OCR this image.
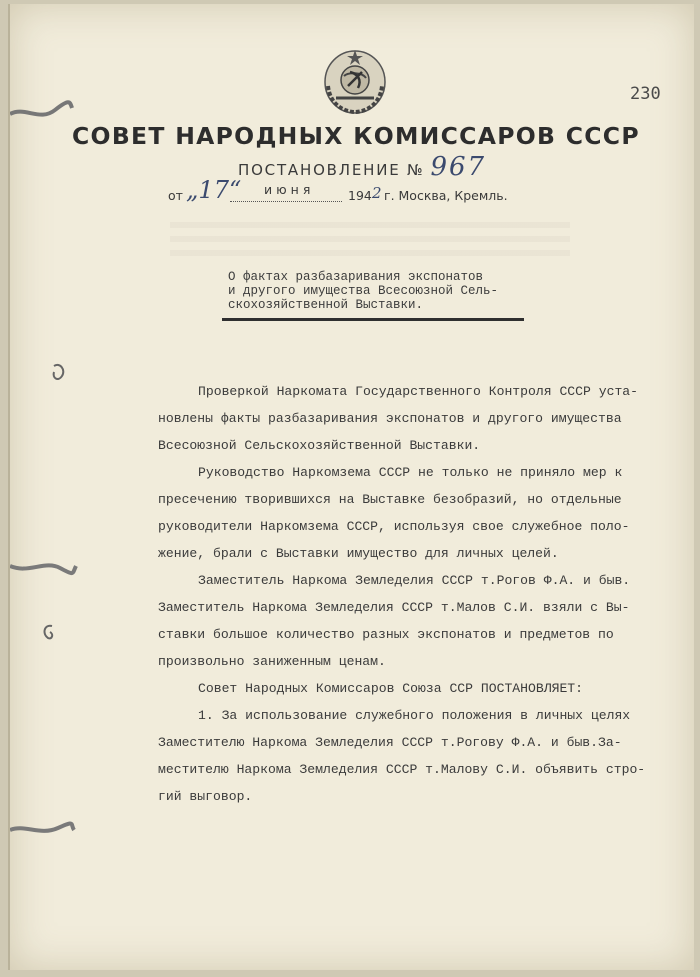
230
СОВЕТ НАРОДНЫХ КОМИССАРОВ СССР
ПОСТАНОВЛЕНИЕ № 967
от „17“ июня	194 2 г. Москва, Кремль.
О фактах разбазаривания экспонатов
и другого имущества Всесоюзной Сель-
скохозяйственной Выставки.
Проверкой Наркомата Государственного Контроля СССР уста-
новлены факты разбазаривания экспонатов и другого имущества
Всесоюзной Сельскохозяйственной Выставки.
Руководство Наркомзема СССР не только не приняло мер к
пресечению творившихся на Выставке безобразий, но отдельные
руководители Наркомзема СССР, используя свое служебное поло-
жение, брали с Выставки имущество для личных целей.
Заместитель Наркома Земледелия СССР т.Рогов Ф.А. и быв.
Заместитель Наркома Земледелия СССР т.Малов С.И. взяли с Вы-
ставки большое количество разных экспонатов и предметов по
произвольно заниженным ценам.
Совет Народных Комиссаров Союза ССР ПОСТАНОВЛЯЕТ:
1. За использование служебного положения в личных целях
Заместителю Наркома Земледелия СССР т.Рогову Ф.А. и быв.За-
местителю Наркома Земледелия СССР т.Малову С.И. объявить стро-
гий выговор.
